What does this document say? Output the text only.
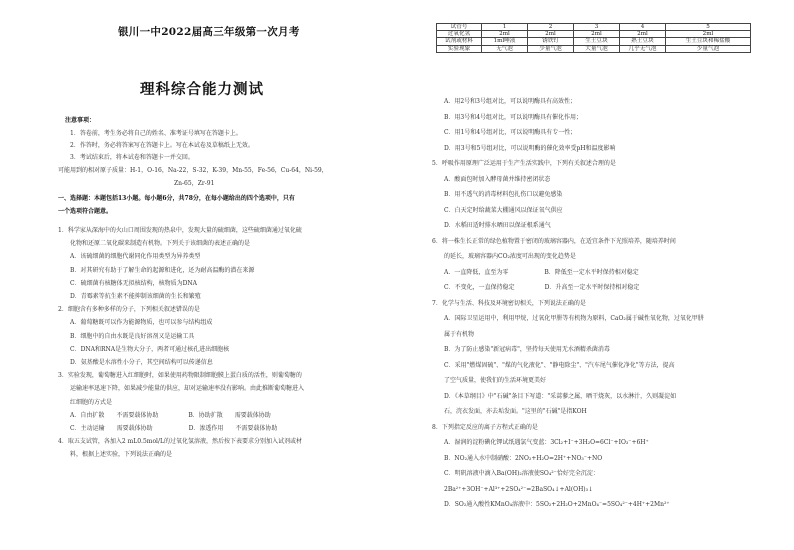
银川一中2022届高三年级第一次月考
理科综合能力测试
注意事项：
1．答卷前，考生务必将自己的姓名、准考证号填写在答题卡上。
2．作答时，务必将答案写在答题卡上。写在本试卷及草稿纸上无效。
3．考试结束后，将本试卷和答题卡一并交回。
可能用到的相对原子质量：H-1，O-16，Na-22，S-32，K-39，Mn-55，Fe-56，Cu-64，Ni-59，
Zn-65，Zr-91
一、选择题：本题包括13小题。每小题6分，共78分，在每小题给出的四个选项中，只有
一个选项符合题意。
1．科学家从深海中的火山口周围发现的热泉中，发现大量的硫细菌，这些硫细菌通过氧化硫
化物和还原二氧化碳来制造有机物。下列关于该细菌的表述正确的是
A．该硫细菌的细胞代谢同化作用类型为异养类型
B．对其研究有助于了解生命的起源和进化，还为耐高温酶的潜在来源
C．硫细菌有核糖体无拟核结构，核物质为DNA
D．青霉素等抗生素不能抑制该细菌的生长和繁殖
2．细胞含有多种多样的分子，下列相关叙述错误的是
A．葡萄糖既可以作为能源物质，也可以参与结构组成
B．细胞中的自由水既是良好溶剂又是运输工具
C．DNA和RNA是生物大分子，两者可通过核孔进出细胞核
D．氨基酸是水溶性小分子，其空间结构可以传递信息
3．实验发现，葡萄糖进入红细胞时，如果使用药物限制细胞膜上蛋白质的活性，则葡萄糖的
运输速率迅速下降，如果减少能量的供应，却对运输速率没有影响。由此推断葡萄糖进入
红细胞的方式是
A．自由扩散　　不需要载体协助　　　　　B．协助扩散　　需要载体协助
C．主动运输　　需要载体协助　　　　　　D．渗透作用　　不需要载体协助
4．取五支试管，各加入2 mL0.5mol/L的过氧化氢溶液，然后按下表要求分别加入试剂或材
料，根据上述实验，下列说法正确的是
试管号	1	2	3	4	5
过氧化氢	2ml	2ml	2ml	2ml	2ml
试剂或材料	1ml唾液	锈铁钉	生土豆块	熟土豆块	生土豆块和稀盐酸
实验现象	无气泡	少量气泡	大量气泡	几乎无气泡	少量气泡
A．用2号和3号组对比，可以说明酶具有高效性；
B．用3号和4号组对比，可以说明酶具有催化作用；
C．用1号和4号组对比，可以说明酶具有专一性；
D．用3号和5号组对比，可以说明酶的催化效率受pH和温度影响
5．呼吸作用原理广泛运用于生产生活实践中，下列有关叙述合理的是
A．酸面包时加入酵母菌并维持密闭状态
B．用不透气的消毒材料包扎伤口以避免感染
C．白天定时给蔬菜大棚通风以保证氧气供应
D．水稻田适时排水晒田以保证根系通气
6．将一株生长正常的绿色植物置于密闭的玻璃容器内，在适宜条件下光照培养，随培养时间
的延长，玻璃容器内CO₂浓度可出现的变化趋势是
A．一直降低，直至为零　　　　　　B．降低至一定水平时保持相对稳定
C．不变化，一直保持稳定　　　　　D．升高至一定水平时保持相对稳定
7．化学与生活、科技及环境密切相关，下列说法正确的是
A．国际卫星运用中，利用甲烷，过氧化甲肼等有机物为原料，CaO₂属于碱性氧化物，过氧化甲肼
属于有机物
B．为了防止感染"新冠病毒"，坚持每天使用无水酒精杀菌消毒
C．采用"燃煤固硫"、"煤的气化液化"、"静电除尘"、"汽车尾气催化净化"等方法，提高
了空气质量，使我们的生活环境更美好
D．《本草纲目》中"石碱"条目下写道："采蒿蓼之属，晒干烧灰，以水淋汁，久则凝淀如
石，浣衣发面，亦去垢发面。"这里的"石碱"是指KOH
8．下列指定反应的离子方程式正确的是
A．湿润的淀粉碘化钾试纸遇氯气变蓝：3Cl₂+I⁻+3H₂O=6Cl⁻+IO₃⁻+6H⁺
B．NO₂通入水中制硝酸：2NO₂+H₂O=2H⁺+NO₃⁻+NO
C．明矾溶液中滴入Ba(OH)₂溶液使SO₄²⁻恰好完全沉淀：
2Ba²⁺+3OH⁻+Al³⁺+2SO₄²⁻=2BaSO₄↓+Al(OH)₃↓
D．SO₂通入酸性KMnO₄溶液中：5SO₂+2H₂O+2MnO₄⁻=5SO₄²⁻+4H⁺+2Mn²⁺
